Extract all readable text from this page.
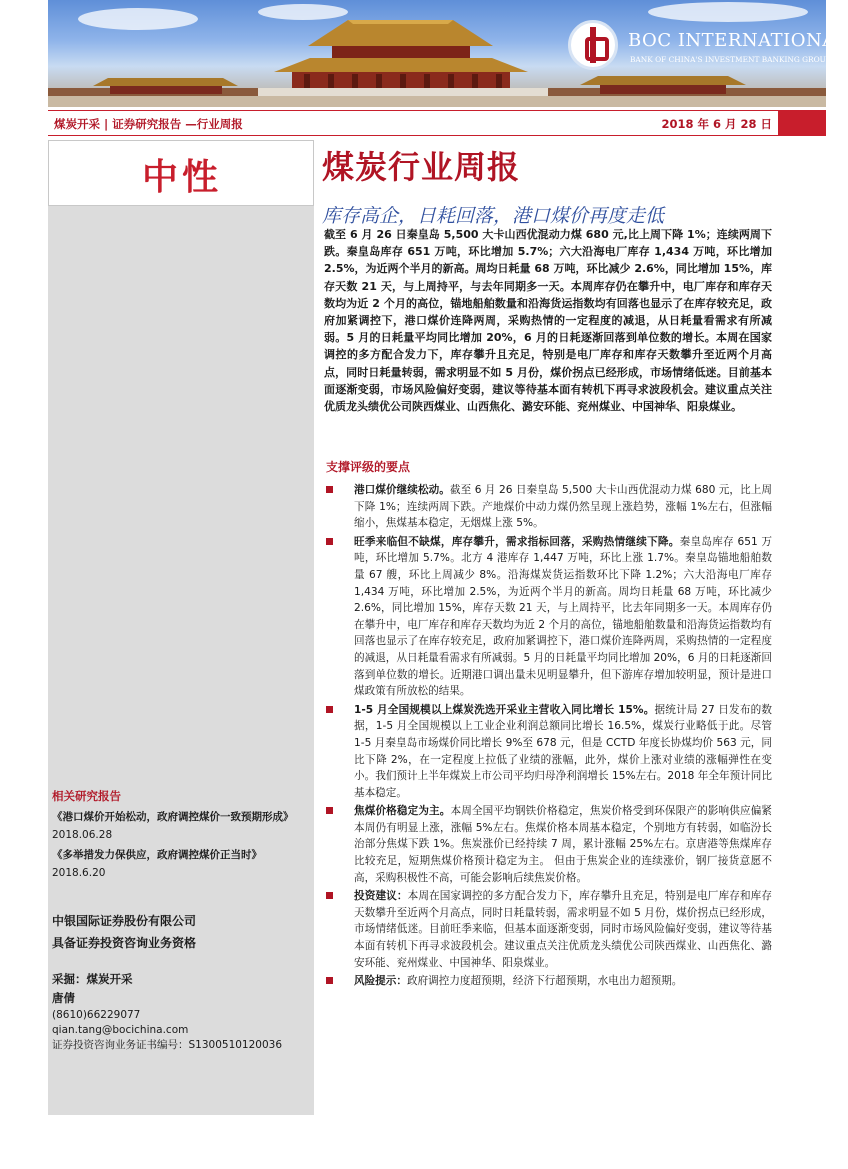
BOC INTERNATIONAL
BANK OF CHINA'S INVESTMENT BANKING GROUP
煤炭开采 | 证券研究报告 —行业周报	2018 年 6 月 28 日
中性
相关研究报告
《港口煤价开始松动，政府调控煤价一致预期形成》2018.06.28
《多举措发力保供应，政府调控煤价正当时》
2018.6.20
中银国际证券股份有限公司
具备证券投资咨询业务资格
采掘：煤炭开采
唐倩
(8610)66229077
qian.tang@bocichina.com
证券投资咨询业务证书编号：S1300510120036
煤炭行业周报
库存高企，日耗回落，港口煤价再度走低
截至 6 月 26 日秦皇岛 5,500 大卡山西优混动力煤 680 元,比上周下降 1%；连续两周下跌。秦皇岛库存 651 万吨，环比增加 5.7%；六大沿海电厂库存 1,434 万吨，环比增加 2.5%，为近两个半月的新高。周均日耗量 68 万吨，环比减少 2.6%，同比增加 15%，库存天数 21 天，与上周持平，与去年同期多一天。本周库存仍在攀升中，电厂库存和库存天数均为近 2 个月的高位，锚地船舶数量和沿海货运指数均有回落也显示了在库存较充足，政府加紧调控下，港口煤价连降两周，采购热情的一定程度的减退，从日耗量看需求有所减弱。5 月的日耗量平均同比增加 20%，6 月的日耗逐渐回落到单位数的增长。本周在国家调控的多方配合发力下，库存攀升且充足，特别是电厂库存和库存天数攀升至近两个月高点，同时日耗量转弱，需求明显不如 5 月份，煤价拐点已经形成，市场情绪低迷。目前基本面逐渐变弱，市场风险偏好变弱，建议等待基本面有转机下再寻求波段机会。建议重点关注优质龙头绩优公司陕西煤业、山西焦化、潞安环能、兖州煤业、中国神华、阳泉煤业。
支撑评级的要点
港口煤价继续松动。截至 6 月 26 日秦皇岛 5,500 大卡山西优混动力煤 680 元，比上周下降 1%；连续两周下跌。产地煤价中动力煤仍然呈现上涨趋势，涨幅 1%左右，但涨幅缩小，焦煤基本稳定，无烟煤上涨 5%。
旺季来临但不缺煤，库存攀升，需求指标回落，采购热情继续下降。秦皇岛库存 651 万吨，环比增加 5.7%。北方 4 港库存 1,447 万吨，环比上涨 1.7%。秦皇岛锚地船舶数量 67 艘，环比上周减少 8%。沿海煤炭货运指数环比下降 1.2%；六大沿海电厂库存 1,434 万吨，环比增加 2.5%，为近两个半月的新高。周均日耗量 68 万吨，环比减少 2.6%，同比增加 15%，库存天数 21 天，与上周持平，比去年同期多一天。本周库存仍在攀升中，电厂库存和库存天数均为近 2 个月的高位，锚地船舶数量和沿海货运指数均有回落也显示了在库存较充足，政府加紧调控下，港口煤价连降两周，采购热情的一定程度的减退，从日耗量看需求有所减弱。5 月的日耗量平均同比增加 20%，6 月的日耗逐渐回落到单位数的增长。近期港口调出量未见明显攀升，但下游库存增加较明显，预计是进口煤政策有所放松的结果。
1-5 月全国规模以上煤炭洗选开采业主营收入同比增长 15%。据统计局 27 日发布的数据，1-5 月全国规模以上工业企业利润总额同比增长 16.5%，煤炭行业略低于此。尽管 1-5 月秦皇岛市场煤价同比增长 9%至 678 元，但是 CCTD 年度长协煤均价 563 元，同比下降 2%，在一定程度上拉低了业绩的涨幅，此外，煤价上涨对业绩的涨幅弹性在变小。我们预计上半年煤炭上市公司平均归母净利润增长 15%左右。2018 年全年预计同比基本稳定。
焦煤价格稳定为主。本周全国平均钢铁价格稳定，焦炭价格受到环保限产的影响供应偏紧本周仍有明显上涨，涨幅 5%左右。焦煤价格本周基本稳定，个别地方有转弱，如临汾长治部分焦煤下跌 1%。焦炭涨价已经持续 7 周，累计涨幅 25%左右。京唐港等焦煤库存比较充足，短期焦煤价格预计稳定为主。 但由于焦炭企业的连续涨价，钢厂接货意愿不高，采购积极性不高，可能会影响后续焦炭价格。
投资建议：本周在国家调控的多方配合发力下，库存攀升且充足，特别是电厂库存和库存天数攀升至近两个月高点，同时日耗量转弱，需求明显不如 5 月份，煤价拐点已经形成，市场情绪低迷。目前旺季来临，但基本面逐渐变弱，同时市场风险偏好变弱，建议等待基本面有转机下再寻求波段机会。建议重点关注优质龙头绩优公司陕西煤业、山西焦化、潞安环能、兖州煤业、中国神华、阳泉煤业。
风险提示：政府调控力度超预期，经济下行超预期，水电出力超预期。
